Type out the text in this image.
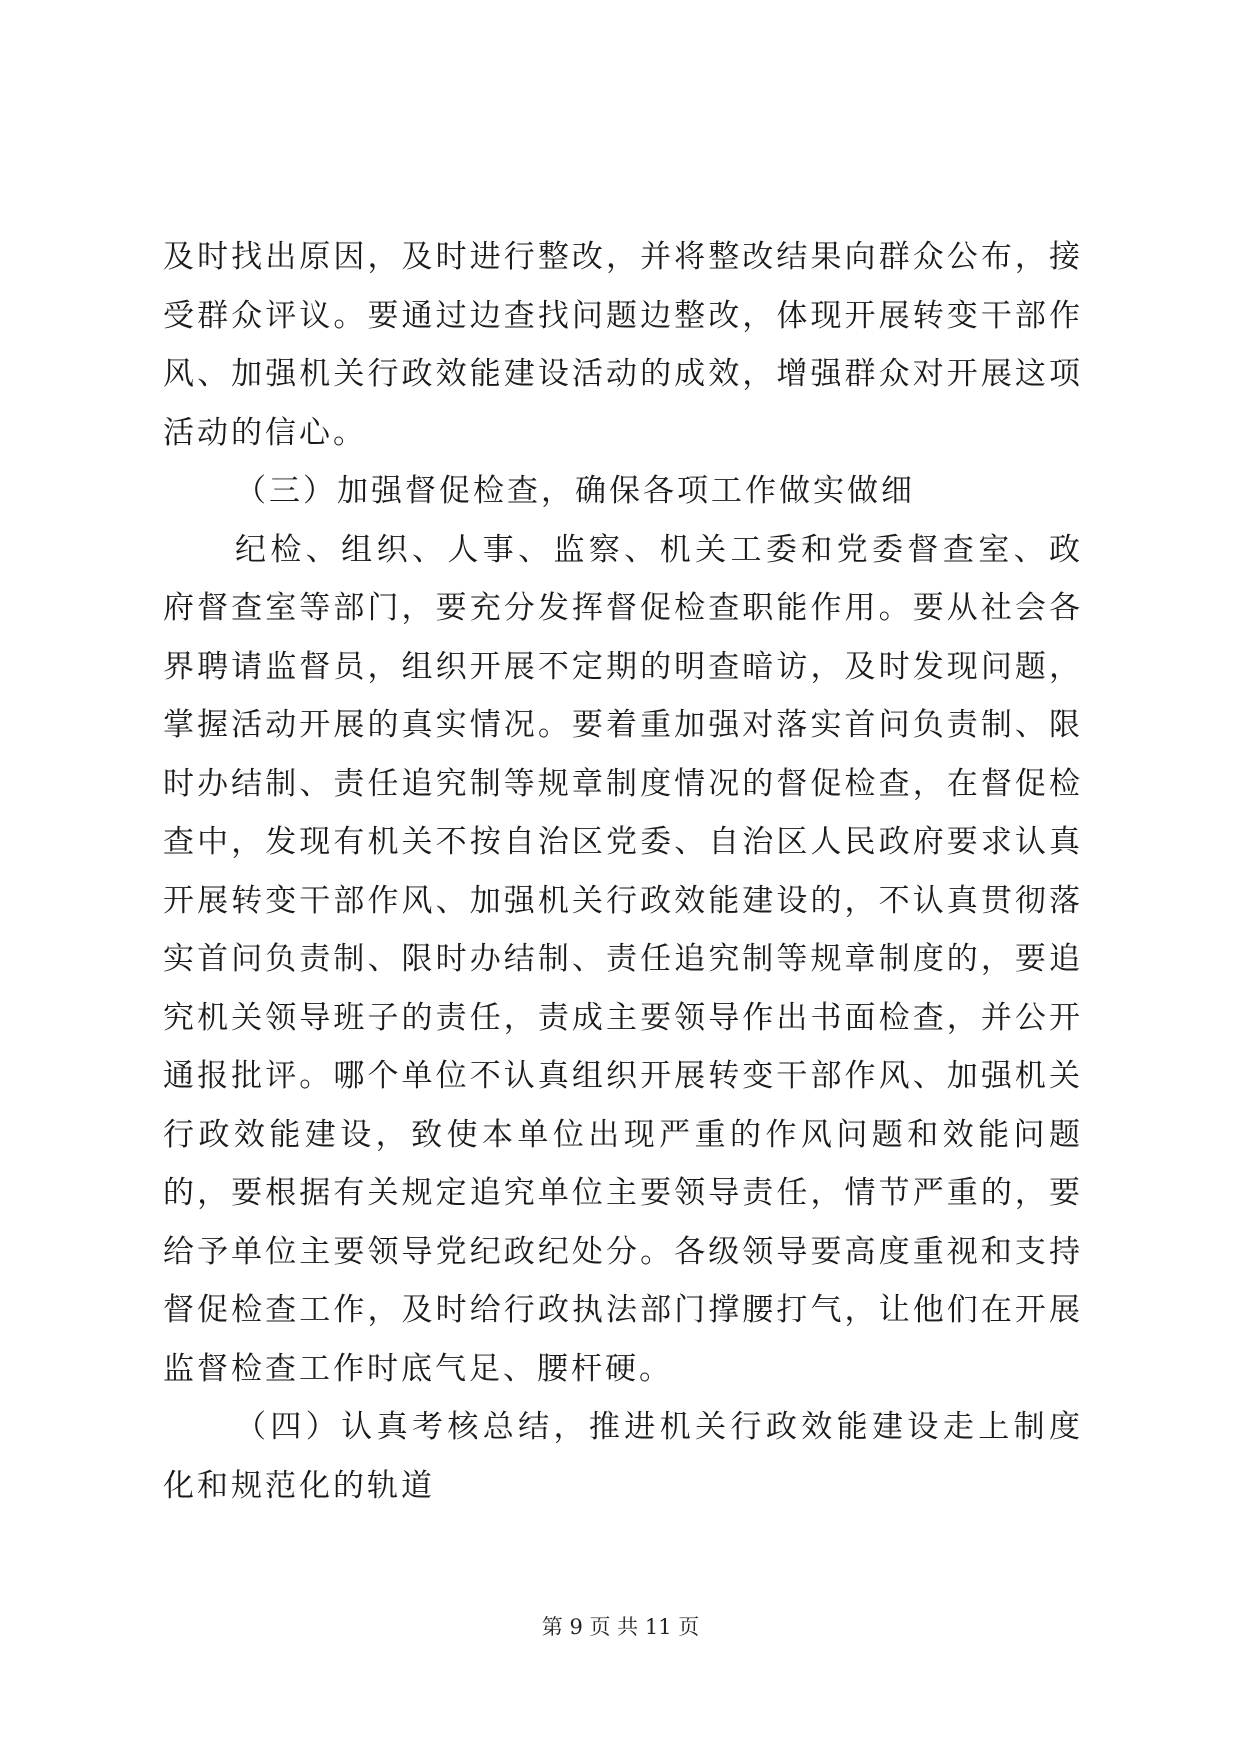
及时找出原因，及时进行整改，并将整改结果向群众公布，接受群众评议。要通过边查找问题边整改，体现开展转变干部作风、加强机关行政效能建设活动的成效，增强群众对开展这项活动的信心。

（三）加强督促检查，确保各项工作做实做细

纪检、组织、人事、监察、机关工委和党委督查室、政府督查室等部门，要充分发挥督促检查职能作用。要从社会各界聘请监督员，组织开展不定期的明查暗访，及时发现问题，掌握活动开展的真实情况。要着重加强对落实首问负责制、限时办结制、责任追究制等规章制度情况的督促检查，在督促检查中，发现有机关不按自治区党委、自治区人民政府要求认真开展转变干部作风、加强机关行政效能建设的，不认真贯彻落实首问负责制、限时办结制、责任追究制等规章制度的，要追究机关领导班子的责任，责成主要领导作出书面检查，并公开通报批评。哪个单位不认真组织开展转变干部作风、加强机关行政效能建设，致使本单位出现严重的作风问题和效能问题的，要根据有关规定追究单位主要领导责任，情节严重的，要给予单位主要领导党纪政纪处分。各级领导要高度重视和支持督促检查工作，及时给行政执法部门撑腰打气，让他们在开展监督检查工作时底气足、腰杆硬。

（四）认真考核总结，推进机关行政效能建设走上制度化和规范化的轨道

第 9 页 共 11 页
